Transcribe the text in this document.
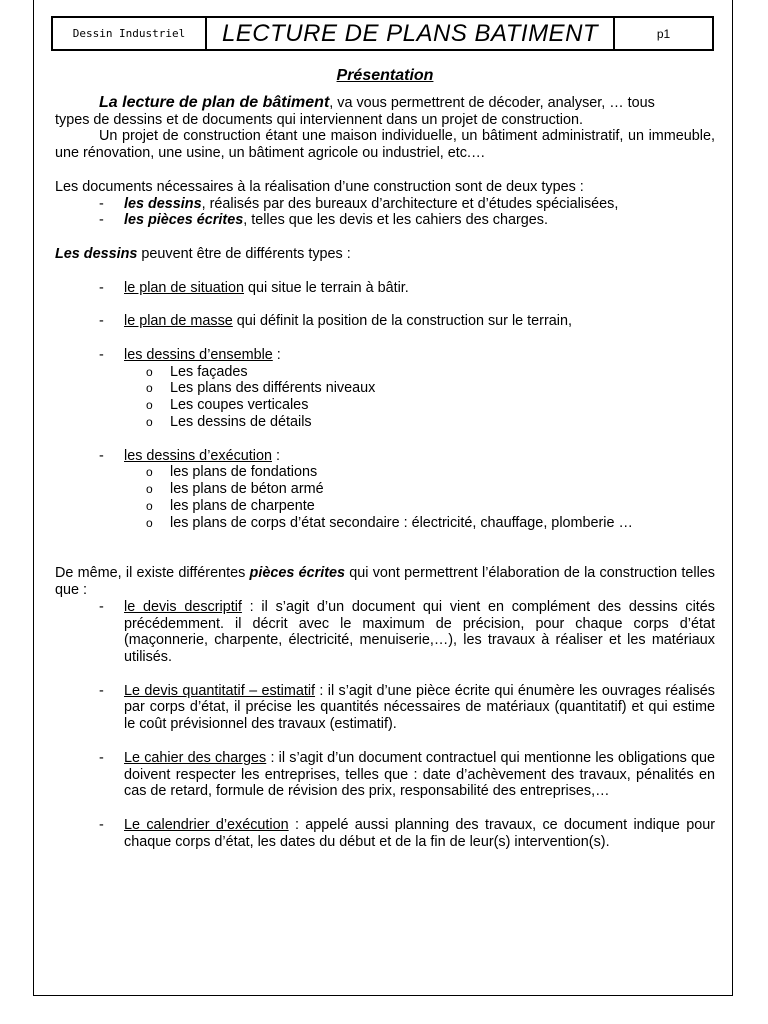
Dessin Industriel	LECTURE DE PLANS BATIMENT	p1
Présentation

La lecture de plan de bâtiment, va vous permettrent de décoder, analyser, … tous

types de dessins et de documents qui interviennent dans un projet de construction.

Un projet de construction étant une maison individuelle, un bâtiment administratif, un immeuble, une rénovation, une usine, un bâtiment agricole ou industriel, etc.…

Les documents nécessaires à la réalisation d’une construction sont de deux types :

- les dessins, réalisés par des bureaux d’architecture et d’études spécialisées,
- les pièces écrites, telles que les devis et les cahiers des charges.

Les dessins peuvent être de différents types :

- le plan de situation qui situe le terrain à bâtir.
- le plan de masse qui définit la position de la construction sur le terrain,
- les dessins d’ensemble :
o Les façades
o Les plans des différents niveaux
o Les coupes verticales
o Les dessins de détails
- les dessins d’exécution :
o les plans de fondations
o les plans de béton armé
o les plans de charpente
o les plans de corps d’état secondaire : électricité, chauffage, plomberie …

De même, il existe différentes pièces écrites qui vont permettrent l’élaboration de la construction telles que :

- le devis descriptif : il s’agit d’un document qui vient en complément des dessins cités précédemment. il décrit avec le maximum de précision, pour chaque corps d’état (maçonnerie, charpente, électricité, menuiserie,…), les travaux à réaliser et les matériaux utilisés.
- Le devis quantitatif – estimatif : il s’agit d’une pièce écrite qui énumère les ouvrages réalisés par corps d’état, il précise les quantités nécessaires de matériaux (quantitatif) et qui estime le coût prévisionnel des travaux (estimatif).
- Le cahier des charges : il s’agit d’un document contractuel qui mentionne les obligations que doivent respecter les entreprises, telles que : date d’achèvement des travaux, pénalités en cas de retard, formule de révision des prix, responsabilité des entreprises,…
- Le calendrier d’exécution : appelé aussi planning des travaux, ce document indique pour chaque corps d’état, les dates du début et de la fin de leur(s) intervention(s).
